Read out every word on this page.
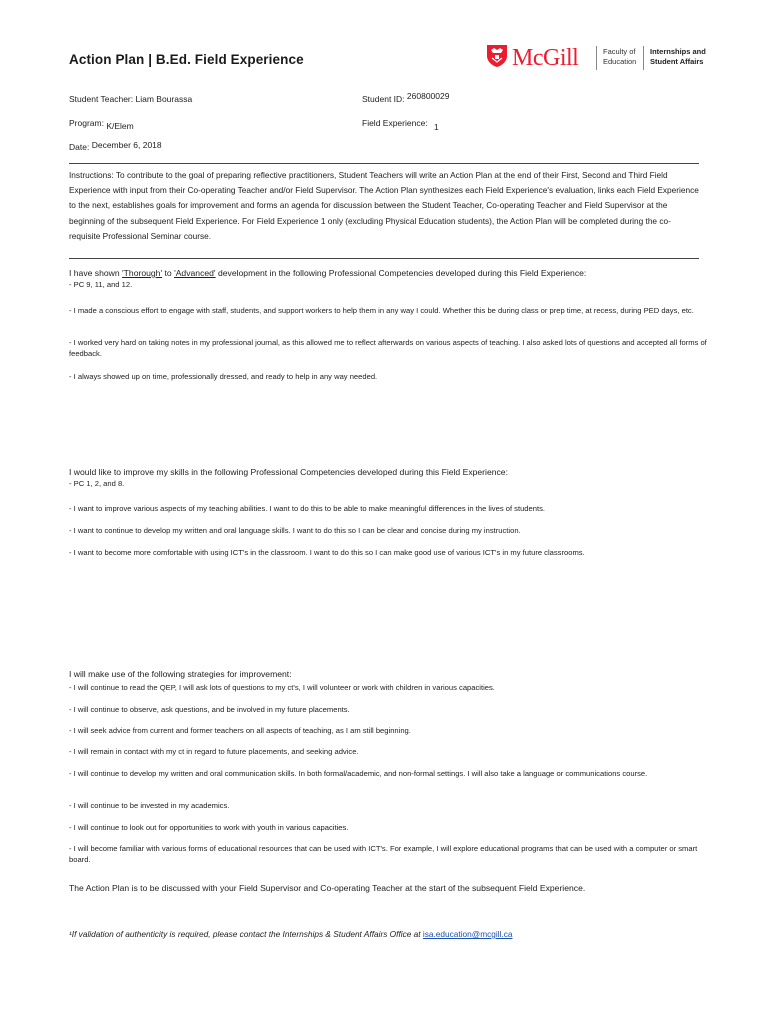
Action Plan | B.Ed. Field Experience	McGill	Faculty of
Education
Internships and
Student Affairs
Student Teacher: Liam Bourassa	Student ID: 260800029
Program: K/Elem	Field Experience: 1
Date: December 6, 2018
Instructions: To contribute to the goal of preparing reflective practitioners, Student Teachers will write an Action Plan at the end of their First, Second and Third Field Experience with input from their Co-operating Teacher and/or Field Supervisor. The Action Plan synthesizes each Field Experience's evaluation, links each Field Experience to the next, establishes goals for improvement and forms an agenda for discussion between the Student Teacher, Co-operating Teacher and Field Supervisor at the beginning of the subsequent Field Experience. For Field Experience 1 only (excluding Physical Education students), the Action Plan will be completed during the co-requisite Professional Seminar course.

I have shown 'Thorough' to 'Advanced' development in the following Professional Competencies developed during this Field Experience:

- PC 9, 11, and 12.

- I made a conscious effort to engage with staff, students, and support workers to help them in any way I could. Whether this be during class or prep time, at recess, during PED days, etc.

- I worked very hard on taking notes in my professional journal, as this allowed me to reflect afterwards on various aspects of teaching. I also asked lots of questions and accepted all forms of feedback.

- I always showed up on time, professionally dressed, and ready to help in any way needed.

I would like to improve my skills in the following Professional Competencies developed during this Field Experience:

- PC 1, 2, and 8.

- I want to improve various aspects of my teaching abilities. I want to do this to be able to make meaningful differences in the lives of students.

- I want to continue to develop my written and oral language skills. I want to do this so I can be clear and concise during my instruction.

- I want to become more comfortable with using ICT's in the classroom. I want to do this so I can make good use of various ICT's in my future classrooms.

I will make use of the following strategies for improvement:

- I will continue to read the QEP, I will ask lots of questions to my ct's, I will volunteer or work with children in various capacities.

- I will continue to observe, ask questions, and be involved in my future placements.

- I will seek advice from current and former teachers on all aspects of teaching, as I am still beginning.

- I will remain in contact with my ct in regard to future placements, and seeking advice.

- I will continue to develop my written and oral communication skills. In both formal/academic, and non-formal settings. I will also take a language or communications course.

- I will continue to be invested in my academics.

- I will continue to look out for opportunities to work with youth in various capacities.

- I will become familiar with various forms of educational resources that can be used with ICT's. For example, I will explore educational programs that can be used with a computer or smart board.

The Action Plan is to be discussed with your Field Supervisor and Co-operating Teacher at the start of the subsequent Field Experience.

¹If validation of authenticity is required, please contact the Internships & Student Affairs Office at isa.education@mcgill.ca
